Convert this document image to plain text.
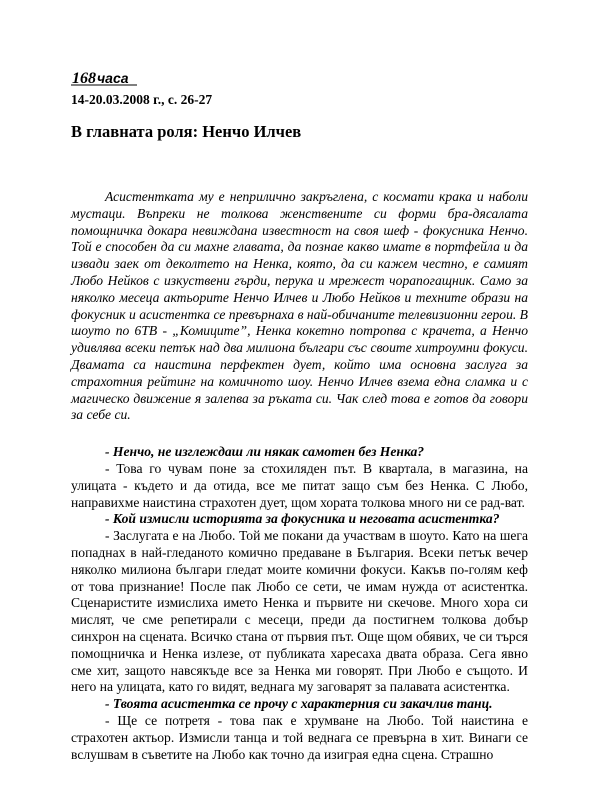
168 часа
14-20.03.2008 г., с. 26-27
В главната роля: Ненчо Илчев

Асистентката му е неприлично закръглена, с космати крака и наболи мустаци. Въпреки не толкова женствените си форми бра-дясалата помощничка докара невиждана известност на своя шеф - фокусника Ненчо. Той е способен да си махне главата, да познае какво имате в портфейла и да извади заек от деколтето на Ненка, която, да си кажем честно, е самият Любо Нейков с изкуствени гърди, перука и мрежест чорапогащник. Само за няколко месеца актьорите Ненчо Илчев и Любо Нейков и техните образи на фокусник и асистентка се превърнаха в най-обичаните телевизионни герои. В шоуто по 6ТВ - „Комиците”, Ненка кокетно потропва с крачета, а Ненчо удивлява всеки петък над два милиона българи със своите хитроумни фокуси. Двамата са наистина перфектен дует, който има основна заслуга за страхотния рейтинг на комичното шоу. Ненчо Илчев взема една сламка и с магическо движение я залепва за ръката си. Чак след това е готов да говори за себе си.

- Ненчо, не изглеждаш ли някак самотен без Ненка?

- Това го чувам поне за стохиляден път. В квартала, в магазина, на улицата - където и да отида, все ме питат защо съм без Ненка. С Любо, направихме наистина страхотен дует, щом хората толкова много ни се рад-ват.

- Кой измисли историята за фокусника и неговата асистентка?

- Заслугата е на Любо. Той ме покани да участвам в шоуто. Като на шега попаднах в най-гледаното комично предаване в България. Всеки петък вечер няколко милиона българи гледат моите комични фокуси. Какъв по-голям кеф от това признание! После пак Любо се сети, че имам нужда от асистентка. Сценаристите измислиха името Ненка и първите ни скечове. Много хора си мислят, че сме репетирали с месеци, преди да постигнем толкова добър синхрон на сцената. Всичко стана от първия път. Още щом обявих, че си търся помощничка и Ненка излезе, от публиката харесаха двата образа. Сега явно сме хит, защото навсякъде все за Ненка ми говорят. При Любо е същото. И него на улицата, като го видят, веднага му заговарят за палавата асистентка.

- Твоята асистентка се прочу с характерния си закачлив танц.

- Ще се потретя - това пак е хрумване на Любо. Той наистина е страхотен актьор. Измисли танца и той веднага се превърна в хит. Винаги се вслушвам в съветите на Любо как точно да изиграя една сцена. Страшно
